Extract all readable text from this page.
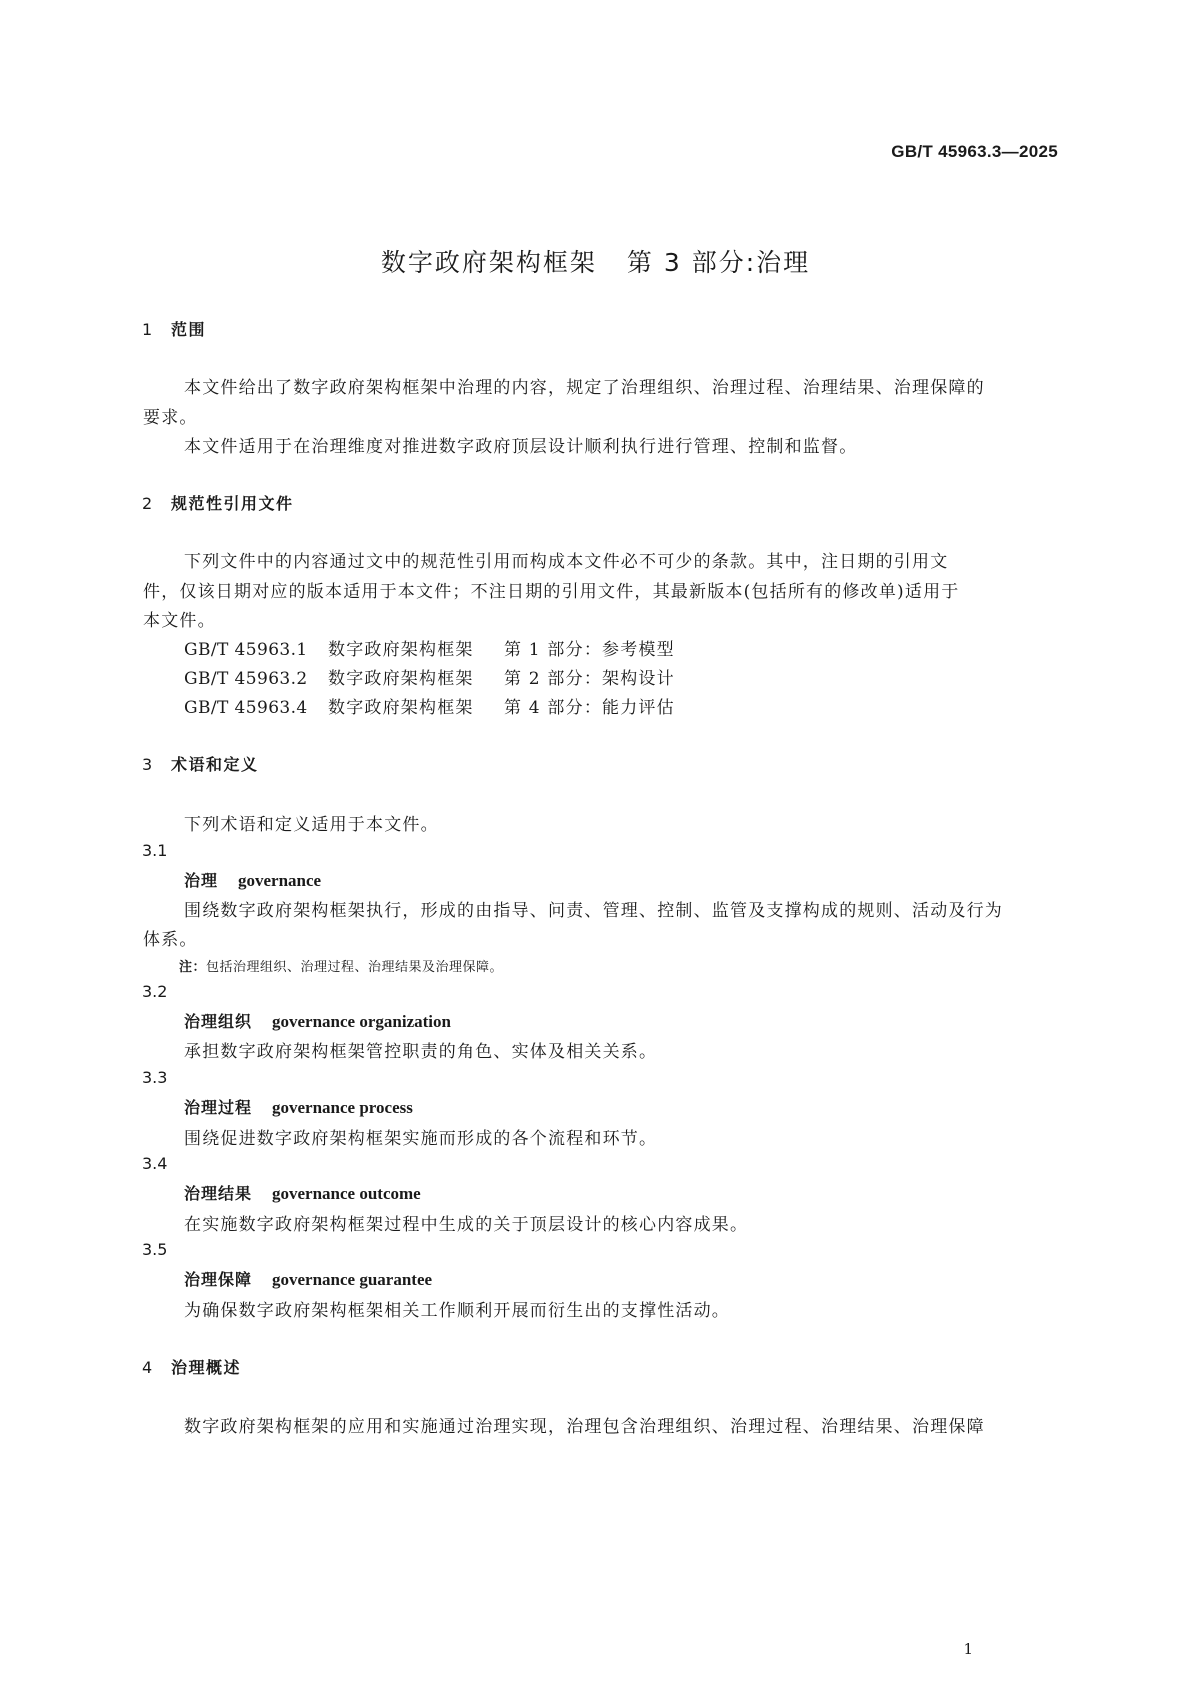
GB/T 45963.3—2025
数字政府架构框架 第 3 部分:治理
1 范围
本文件给出了数字政府架构框架中治理的内容，规定了治理组织、治理过程、治理结果、治理保障的
要求。
本文件适用于在治理维度对推进数字政府顶层设计顺利执行进行管理、控制和监督。
2 规范性引用文件
下列文件中的内容通过文中的规范性引用而构成本文件必不可少的条款。其中，注日期的引用文
件，仅该日期对应的版本适用于本文件；不注日期的引用文件，其最新版本(包括所有的修改单)适用于
本文件。
GB/T 45963.1 数字政府架构框架 第 1 部分：参考模型
GB/T 45963.2 数字政府架构框架 第 2 部分：架构设计
GB/T 45963.4 数字政府架构框架 第 4 部分：能力评估
3 术语和定义
下列术语和定义适用于本文件。
3.1
治理 governance
围绕数字政府架构框架执行，形成的由指导、问责、管理、控制、监管及支撑构成的规则、活动及行为
体系。
注：包括治理组织、治理过程、治理结果及治理保障。
3.2
治理组织 governance organization
承担数字政府架构框架管控职责的角色、实体及相关关系。
3.3
治理过程 governance process
围绕促进数字政府架构框架实施而形成的各个流程和环节。
3.4
治理结果 governance outcome
在实施数字政府架构框架过程中生成的关于顶层设计的核心内容成果。
3.5
治理保障 governance guarantee
为确保数字政府架构框架相关工作顺利开展而衍生出的支撑性活动。
4 治理概述
数字政府架构框架的应用和实施通过治理实现，治理包含治理组织、治理过程、治理结果、治理保障
1
